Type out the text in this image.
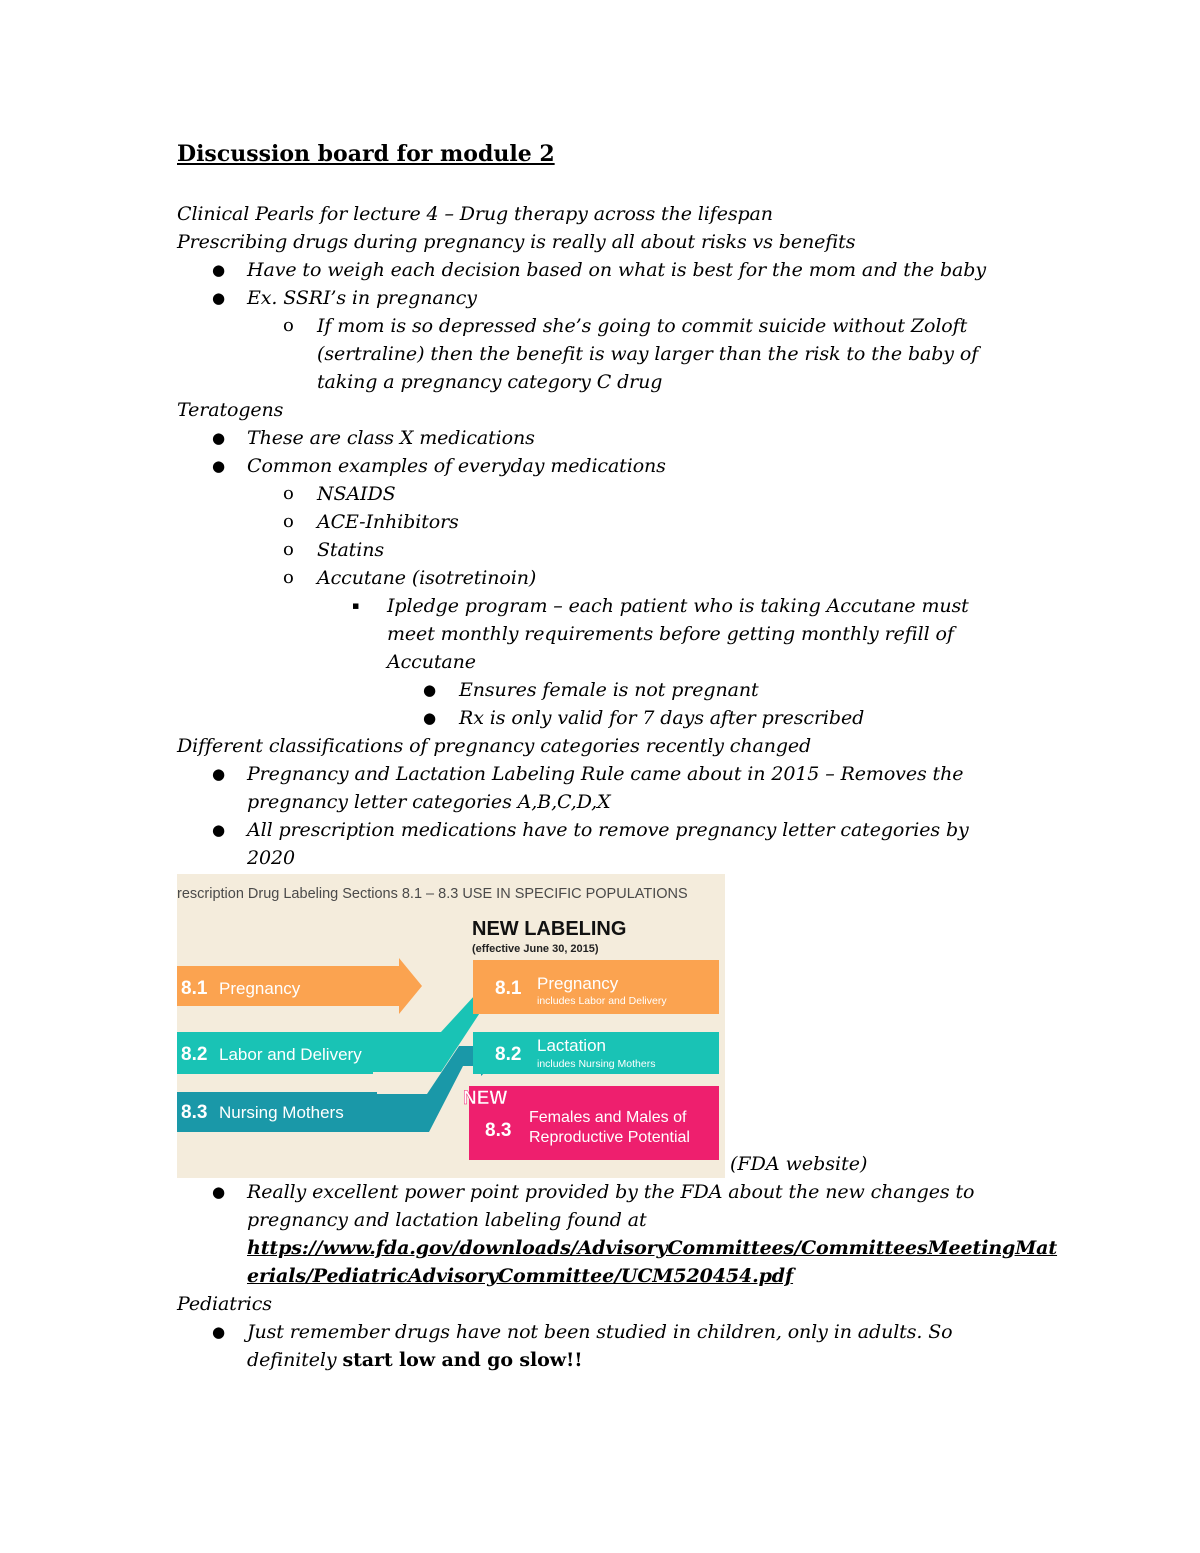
Discussion board for module 2

Clinical Pearls for lecture 4 – Drug therapy across the lifespan

Prescribing drugs during pregnancy is really all about risks vs benefits

● Have to weigh each decision based on what is best for the mom and the baby

● Ex. SSRI’s in pregnancy

o If mom is so depressed she’s going to commit suicide without Zoloft

(sertraline) then the benefit is way larger than the risk to the baby of

taking a pregnancy category C drug

Teratogens

● These are class X medications

● Common examples of everyday medications

o NSAIDS

o ACE-Inhibitors

o Statins

o Accutane (isotretinoin)

▪ Ipledge program – each patient who is taking Accutane must

meet monthly requirements before getting monthly refill of

Accutane

● Ensures female is not pregnant

● Rx is only valid for 7 days after prescribed

Different classifications of pregnancy categories recently changed

● Pregnancy and Lactation Labeling Rule came about in 2015 – Removes the

pregnancy letter categories A,B,C,D,X

● All prescription medications have to remove pregnancy letter categories by

2020

rescription Drug Labeling Sections 8.1 – 8.3 USE IN SPECIFIC POPULATIONS
NEW LABELING
(effective June 30, 2015)
8.1 Pregnancy
8.2 Labor and Delivery
8.3 Nursing Mothers
8.1 Pregnancy
includes Labor and Delivery
8.2 Lactation
includes Nursing Mothers
NEW
8.3
Females and Males of
Reproductive Potential
(FDA website)
● Really excellent power point provided by the FDA about the new changes to

pregnancy and lactation labeling found at

https://www.fda.gov/downloads/AdvisoryCommittees/CommitteesMeetingMat

erials/PediatricAdvisoryCommittee/UCM520454.pdf

Pediatrics

● Just remember drugs have not been studied in children, only in adults. So

definitely start low and go slow!!
